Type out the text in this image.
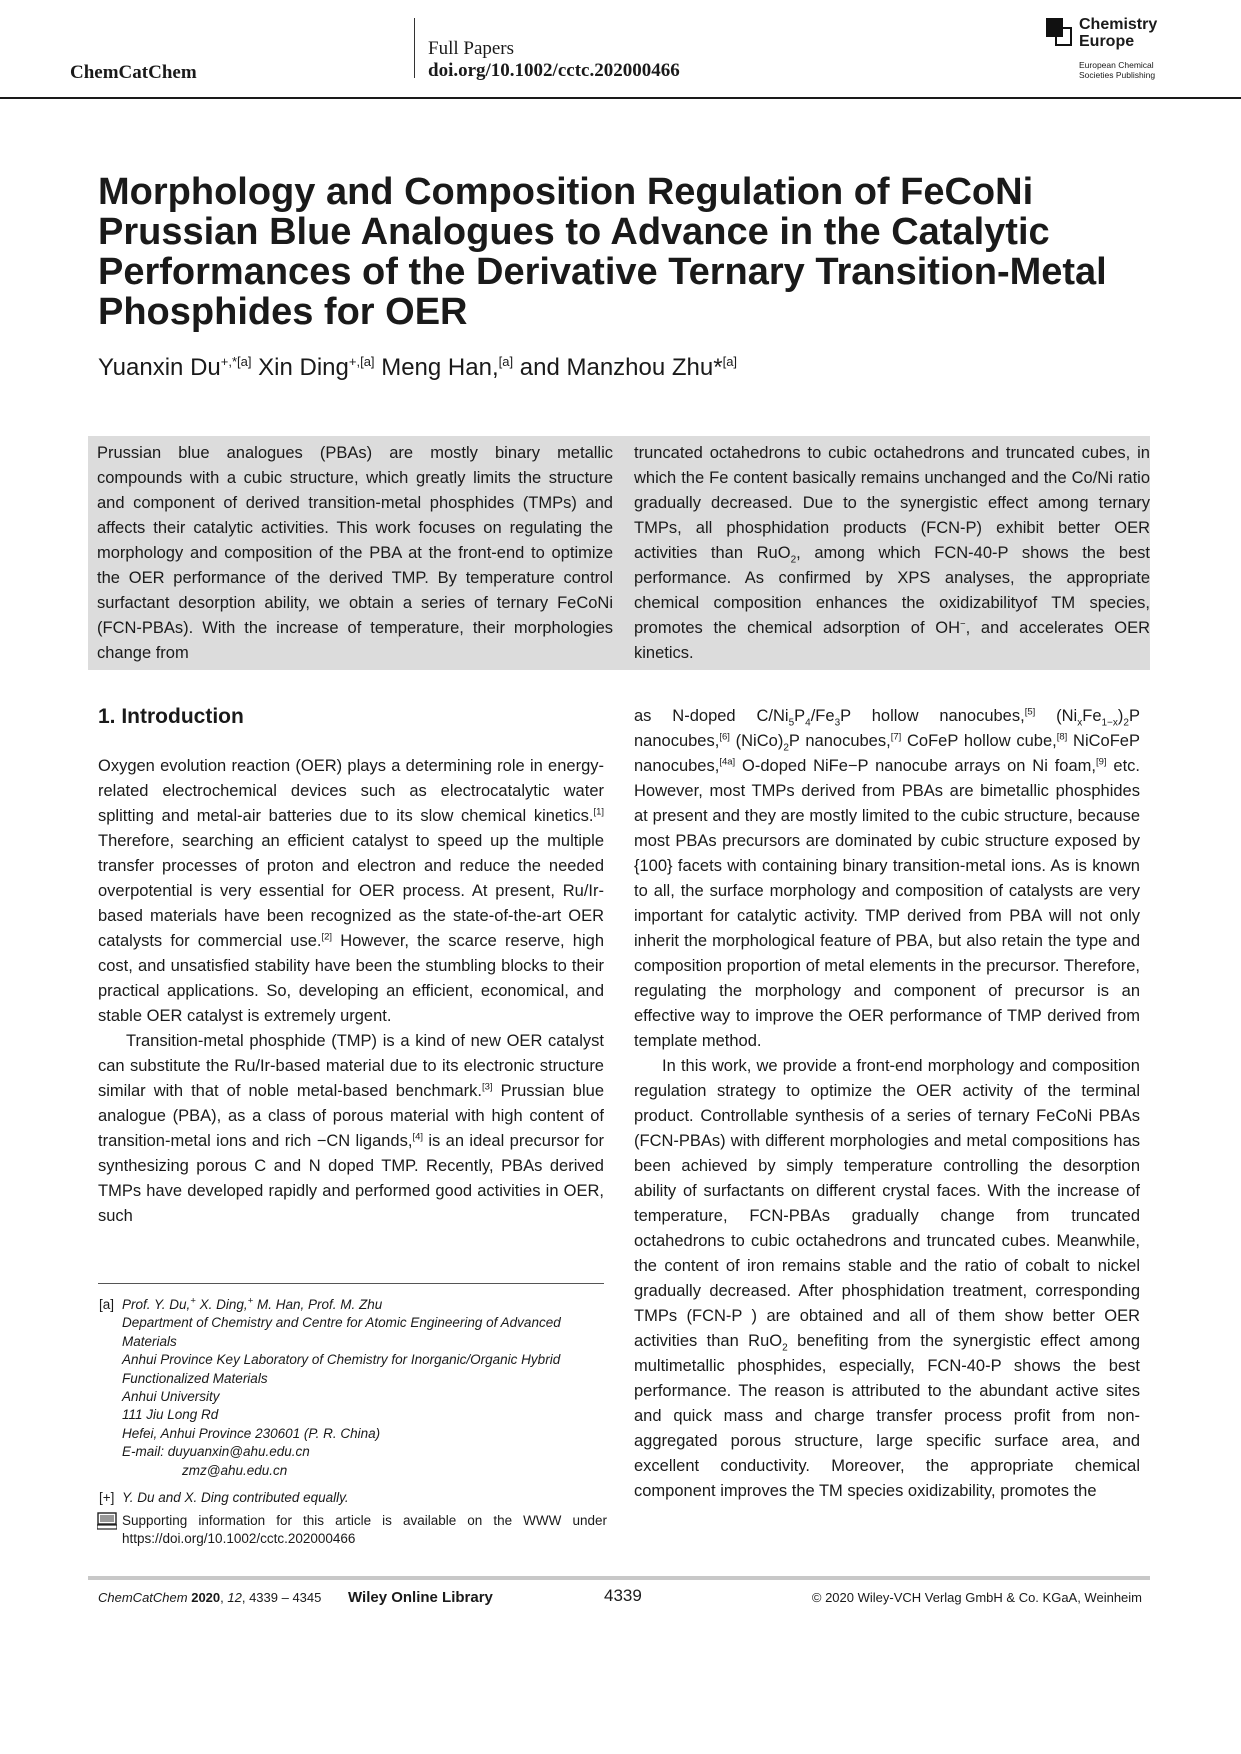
ChemCatChem
Full Papers
doi.org/10.1002/cctc.202000466
Chemistry
Europe
European Chemical
Societies Publishing
Morphology and Composition Regulation of FeCoNi Prussian Blue Analogues to Advance in the Catalytic Performances of the Derivative Ternary Transition-Metal Phosphides for OER
Yuanxin $Du^{+,*[a]}$ Xin Ding$^{+,[a]}$ Meng Han,[a] and Manzhou Zhu*[a]
Prussian blue analogues (PBAs) are mostly binary metallic compounds with a cubic structure, which greatly limits the structure and component of derived transition-metal phosphides (TMPs) and affects their catalytic activities. This work focuses on regulating the morphology and composition of the PBA at the front-end to optimize the OER performance of the derived TMP. By temperature control surfactant desorption ability, we obtain a series of ternary FeCoNi (FCN-PBAs). With the increase of temperature, their morphologies change from
truncated octahedrons to cubic octahedrons and truncated cubes, in which the Fe content basically remains unchanged and the Co/Ni ratio gradually decreased. Due to the synergistic effect among ternary TMPs, all phosphidation products (FCN-P) exhibit better OER activities than RuO$_2$, among which FCN-40-P shows the best performance. As confirmed by XPS analyses, the appropriate chemical composition enhances the oxidizabilityof TM species, promotes the chemical adsorption of OH−, and accelerates OER kinetics.
1. Introduction

Oxygen evolution reaction (OER) plays a determining role in energy-related electrochemical devices such as electrocatalytic water splitting and metal-air batteries due to its slow chemical kinetics.[1] Therefore, searching an efficient catalyst to speed up the multiple transfer processes of proton and electron and reduce the needed overpotential is very essential for OER process. At present, Ru/Ir-based materials have been recognized as the state-of-the-art OER catalysts for commercial use.[2] However, the scarce reserve, high cost, and unsatisfied stability have been the stumbling blocks to their practical applications. So, developing an efficient, economical, and stable OER catalyst is extremely urgent.

Transition-metal phosphide (TMP) is a kind of new OER catalyst can substitute the Ru/Ir-based material due to its electronic structure similar with that of noble metal-based benchmark.[3] Prussian blue analogue (PBA), as a class of porous material with high content of transition-metal ions and rich −CN ligands,[4] is an ideal precursor for synthesizing porous C and N doped TMP. Recently, PBAs derived TMPs have developed rapidly and performed good activities in OER, such

as N-doped $C/Ni_5P_4/Fe_3P$ hollow nanocubes,[5] $(Ni_xFe_{1-x})_2P$ nanocubes,[6] $(NiCo)_2P$ nanocubes,[7] CoFeP hollow cube,[8] NiCoFeP nanocubes,[4a] O-doped NiFe−P nanocube arrays on Ni foam,[9] etc. However, most TMPs derived from PBAs are bimetallic phosphides at present and they are mostly limited to the cubic structure, because most PBAs precursors are dominated by cubic structure exposed by {100} facets with containing binary transition-metal ions. As is known to all, the surface morphology and composition of catalysts are very important for catalytic activity. TMP derived from PBA will not only inherit the morphological feature of PBA, but also retain the type and composition proportion of metal elements in the precursor. Therefore, regulating the morphology and component of precursor is an effective way to improve the OER performance of TMP derived from template method.

In this work, we provide a front-end morphology and composition regulation strategy to optimize the OER activity of the terminal product. Controllable synthesis of a series of ternary FeCoNi PBAs (FCN-PBAs) with different morphologies and metal compositions has been achieved by simply temperature controlling the desorption ability of surfactants on different crystal faces. With the increase of temperature, FCN-PBAs gradually change from truncated octahedrons to cubic octahedrons and truncated cubes. Meanwhile, the content of iron remains stable and the ratio of cobalt to nickel gradually decreased. After phosphidation treatment, corresponding TMPs (FCN-P ) are obtained and all of them show better OER activities than RuO$_2$ benefiting from the synergistic effect among multimetallic phosphides, especially, FCN-40-P shows the best performance. The reason is attributed to the abundant active sites and quick mass and charge transfer process profit from non-aggregated porous structure, large specific surface area, and excellent conductivity. Moreover, the appropriate chemical component improves the TM species oxidizability, promotes the

[a] Prof. Y. Du,+ X. Ding,+ M. Han, Prof. M. Zhu
Department of Chemistry and Centre for Atomic Engineering of Advanced
Materials
Anhui Province Key Laboratory of Chemistry for Inorganic/Organic Hybrid
Functionalized Materials
Anhui University
111 Jiu Long Rd
Hefei, Anhui Province 230601 (P. R. China)
E-mail: duyuanxin@ahu.edu.cn
zmz@ahu.edu.cn
[+] Y. Du and X. Ding contributed equally.
Supporting information for this article is available on the WWW under https://doi.org/10.1002/cctc.202000466
ChemCatChem 2020, 12, 4339 – 4345 Wiley Online Library	4339	© 2020 Wiley-VCH Verlag GmbH & Co. KGaA, Weinheim
